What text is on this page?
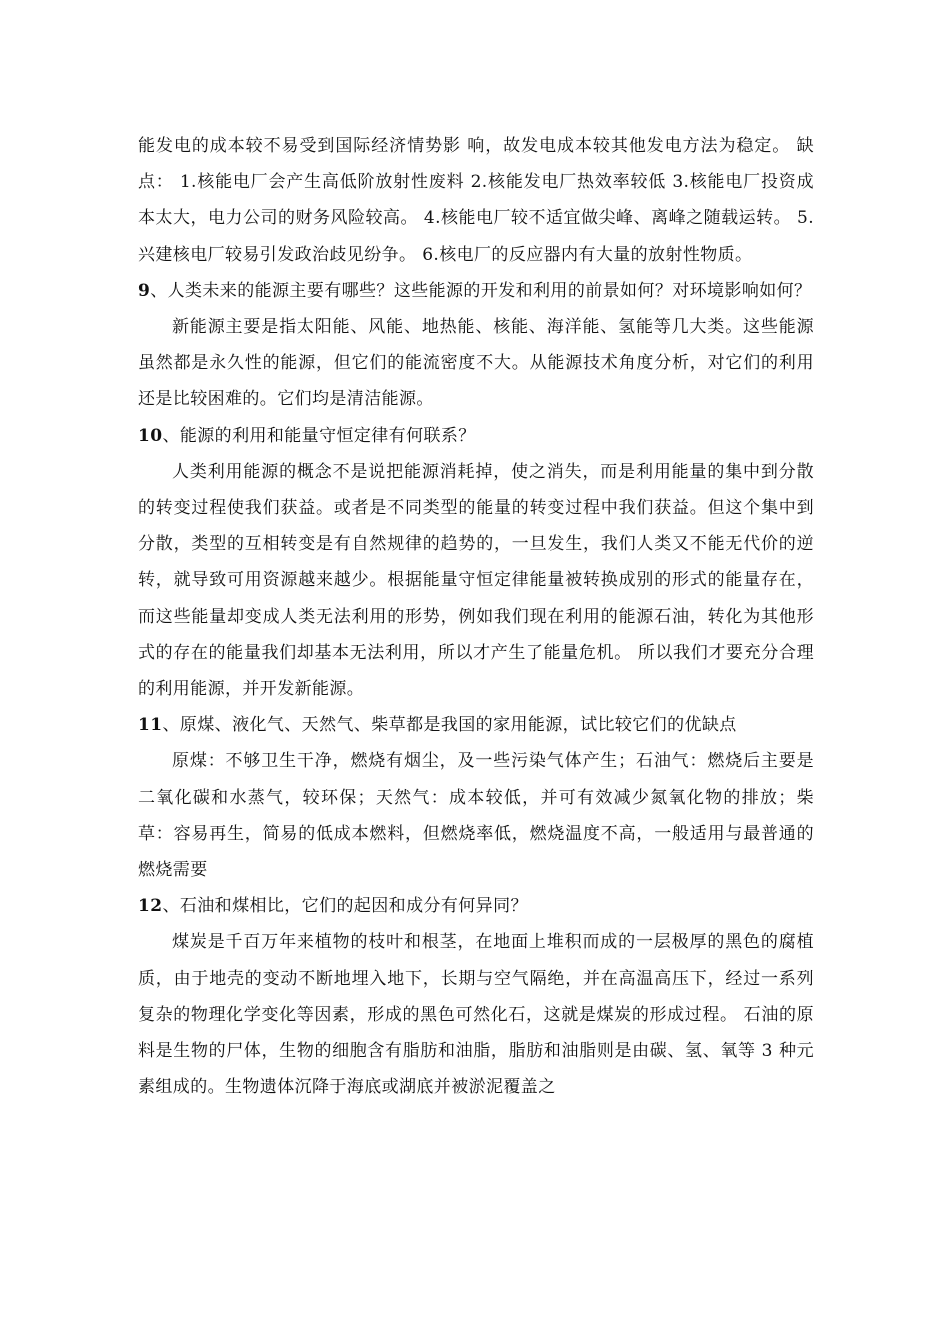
能发电的成本较不易受到国际经济情势影 响，故发电成本较其他发电方法为稳定。 缺点： 1.核能电厂会产生高低阶放射性废料 2.核能发电厂热效率较低 3.核能电厂投资成本太大，电力公司的财务风险较高。 4.核能电厂较不适宜做尖峰、离峰之随载运转。 5.兴建核电厂较易引发政治歧见纷争。 6.核电厂的反应器内有大量的放射性物质。

9、人类未来的能源主要有哪些？这些能源的开发和利用的前景如何？对环境影响如何？

新能源主要是指太阳能、风能、地热能、核能、海洋能、氢能等几大类。这些能源虽然都是永久性的能源，但它们的能流密度不大。从能源技术角度分析，对它们的利用还是比较困难的。它们均是清洁能源。

10、能源的利用和能量守恒定律有何联系？

人类利用能源的概念不是说把能源消耗掉，使之消失，而是利用能量的集中到分散的转变过程使我们获益。或者是不同类型的能量的转变过程中我们获益。但这个集中到分散，类型的互相转变是有自然规律的趋势的，一旦发生，我们人类又不能无代价的逆转，就导致可用资源越来越少。根据能量守恒定律能量被转换成别的形式的能量存在，而这些能量却变成人类无法利用的形势，例如我们现在利用的能源石油，转化为其他形式的存在的能量我们却基本无法利用，所以才产生了能量危机。 所以我们才要充分合理的利用能源，并开发新能源。

11、原煤、液化气、天然气、柴草都是我国的家用能源，试比较它们的优缺点

原煤：不够卫生干净，燃烧有烟尘，及一些污染气体产生；石油气：燃烧后主要是二氧化碳和水蒸气，较环保；天然气：成本较低，并可有效减少氮氧化物的排放；柴草：容易再生，简易的低成本燃料，但燃烧率低，燃烧温度不高，一般适用与最普通的燃烧需要

12、石油和煤相比，它们的起因和成分有何异同？

煤炭是千百万年来植物的枝叶和根茎，在地面上堆积而成的一层极厚的黑色的腐植质，由于地壳的变动不断地埋入地下，长期与空气隔绝，并在高温高压下，经过一系列复杂的物理化学变化等因素，形成的黑色可然化石，这就是煤炭的形成过程。 石油的原料是生物的尸体，生物的细胞含有脂肪和油脂，脂肪和油脂则是由碳、氢、氧等 3 种元素组成的。生物遗体沉降于海底或湖底并被淤泥覆盖之
